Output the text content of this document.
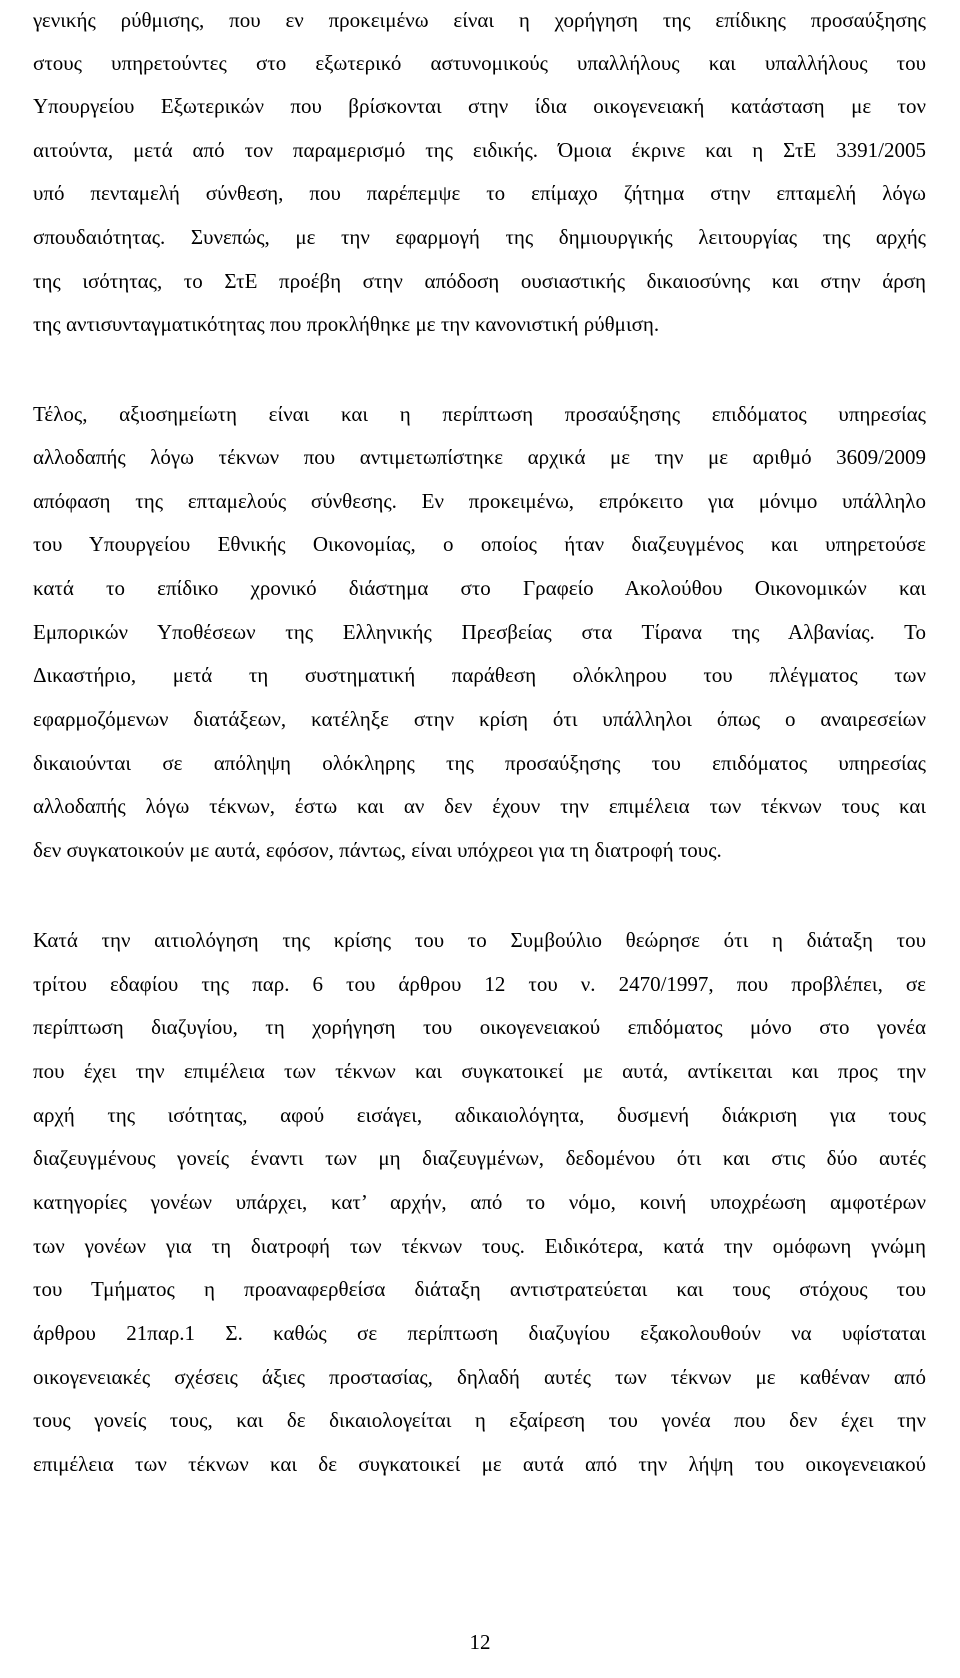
γενικής ρύθμισης, που εν προκειμένω είναι η χορήγηση της επίδικης προσαύξησης
στους υπηρετούντες στο εξωτερικό αστυνομικούς υπαλλήλους και υπαλλήλους του
Υπουργείου Εξωτερικών που βρίσκονται στην ίδια οικογενειακή κατάσταση με τον
αιτούντα, μετά από τον παραμερισμό της ειδικής. Όμοια έκρινε και η ΣτΕ 3391/2005
υπό πενταμελή σύνθεση, που παρέπεμψε το επίμαχο ζήτημα στην επταμελή λόγω
σπουδαιότητας. Συνεπώς, με την εφαρμογή της δημιουργικής λειτουργίας της αρχής
της ισότητας, το ΣτΕ προέβη στην απόδοση ουσιαστικής δικαιοσύνης και στην άρση
της αντισυνταγματικότητας που προκλήθηκε με την κανονιστική ρύθμιση.
Τέλος, αξιοσημείωτη είναι και η περίπτωση προσαύξησης επιδόματος υπηρεσίας
αλλοδαπής λόγω τέκνων που αντιμετωπίστηκε αρχικά με την με αριθμό 3609/2009
απόφαση της επταμελούς σύνθεσης. Εν προκειμένω, επρόκειτο για μόνιμο υπάλληλο
του Υπουργείου Εθνικής Οικονομίας, ο οποίος ήταν διαζευγμένος και υπηρετούσε
κατά το επίδικο χρονικό διάστημα στο Γραφείο Ακολούθου Οικονομικών και
Εμπορικών Υποθέσεων της Ελληνικής Πρεσβείας στα Τίρανα της Αλβανίας. Το
Δικαστήριο, μετά τη συστηματική παράθεση ολόκληρου του πλέγματος των
εφαρμοζόμενων διατάξεων, κατέληξε στην κρίση ότι υπάλληλοι όπως ο αναιρεσείων
δικαιούνται σε απόληψη ολόκληρης της προσαύξησης του επιδόματος υπηρεσίας
αλλοδαπής λόγω τέκνων, έστω και αν δεν έχουν την επιμέλεια των τέκνων τους και
δεν συγκατοικούν με αυτά, εφόσον, πάντως, είναι υπόχρεοι για τη διατροφή τους.
Κατά την αιτιολόγηση της κρίσης του το Συμβούλιο θεώρησε ότι η διάταξη του
τρίτου εδαφίου της παρ. 6 του άρθρου 12 του ν. 2470/1997, που προβλέπει, σε
περίπτωση διαζυγίου, τη χορήγηση του οικογενειακού επιδόματος μόνο στο γονέα
που έχει την επιμέλεια των τέκνων και συγκατοικεί με αυτά, αντίκειται και προς την
αρχή της ισότητας, αφού εισάγει, αδικαιολόγητα, δυσμενή διάκριση για τους
διαζευγμένους γονείς έναντι των μη διαζευγμένων, δεδομένου ότι και στις δύο αυτές
κατηγορίες γονέων υπάρχει, κατ’ αρχήν, από το νόμο, κοινή υποχρέωση αμφοτέρων
των γονέων για τη διατροφή των τέκνων τους. Ειδικότερα, κατά την ομόφωνη γνώμη
του Τμήματος η προαναφερθείσα διάταξη αντιστρατεύεται και τους στόχους του
άρθρου 21παρ.1 Σ. καθώς σε περίπτωση διαζυγίου εξακολουθούν να υφίσταται
οικογενειακές σχέσεις άξιες προστασίας, δηλαδή αυτές των τέκνων με καθέναν από
τους γονείς τους, και δε δικαιολογείται η εξαίρεση του γονέα που δεν έχει την
επιμέλεια των τέκνων και δε συγκατοικεί με αυτά από την λήψη του οικογενειακού
12
